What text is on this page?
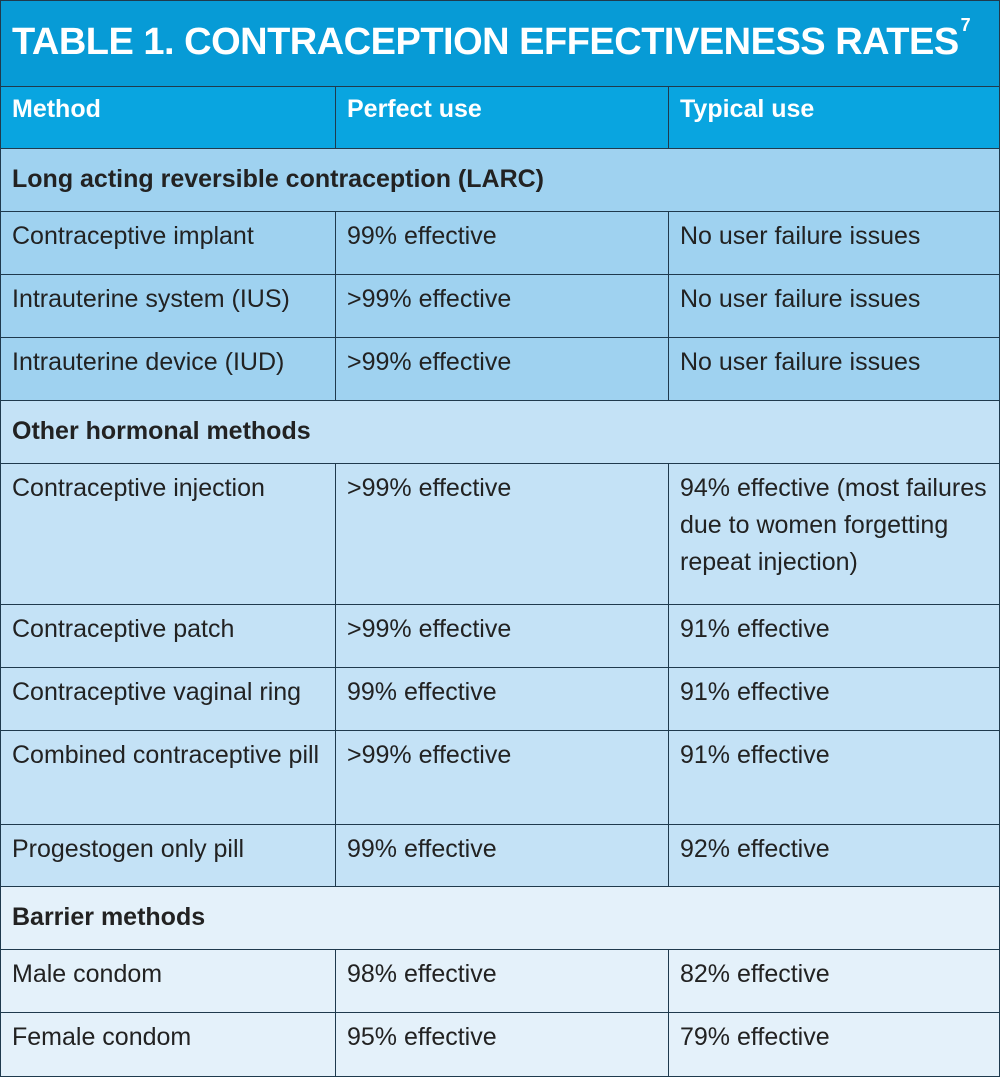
TABLE 1. CONTRACEPTION EFFECTIVENESS RATES $^7$
Method	Perfect use	Typical use
Long acting reversible contraception (LARC)
Contraceptive implant	99% effective	No user failure issues
Intrauterine system (IUS)	>99% effective	No user failure issues
Intrauterine device (IUD)	>99% effective	No user failure issues
Other hormonal methods
Contraceptive injection	>99% effective	94% effective (most failures due to women forgetting repeat injection)
Contraceptive patch	>99% effective	91% effective
Contraceptive vaginal ring	99% effective	91% effective
Combined contraceptive pill	>99% effective	91% effective
Progestogen only pill	99% effective	92% effective
Barrier methods
Male condom	98% effective	82% effective
Female condom	95% effective	79% effective
